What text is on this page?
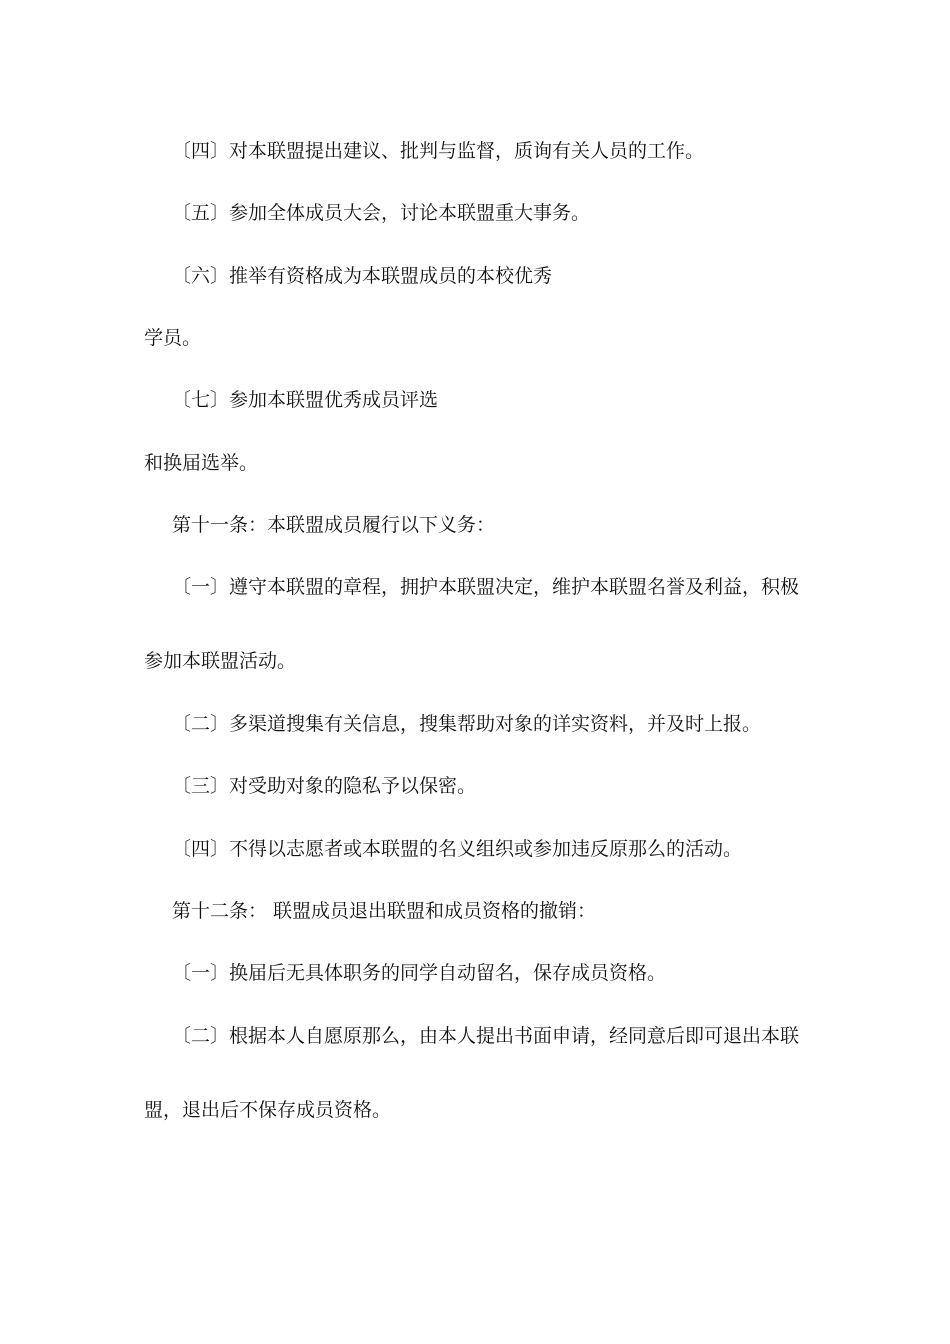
〔四〕对本联盟提出建议、批判与监督，质询有关人员的工作。
〔五〕参加全体成员大会，讨论本联盟重大事务。
〔六〕推举有资格成为本联盟成员的本校优秀
学员。
〔七〕参加本联盟优秀成员评选
和换届选举。
第十一条：本联盟成员履行以下义务：
〔一〕遵守本联盟的章程，拥护本联盟决定，维护本联盟名誉及利益，积极
参加本联盟活动。
〔二〕多渠道搜集有关信息，搜集帮助对象的详实资料，并及时上报。
〔三〕对受助对象的隐私予以保密。
〔四〕不得以志愿者或本联盟的名义组织或参加违反原那么的活动。
第十二条： 联盟成员退出联盟和成员资格的撤销：
〔一〕换届后无具体职务的同学自动留名，保存成员资格。
〔二〕根据本人自愿原那么，由本人提出书面申请，经同意后即可退出本联
盟，退出后不保存成员资格。
